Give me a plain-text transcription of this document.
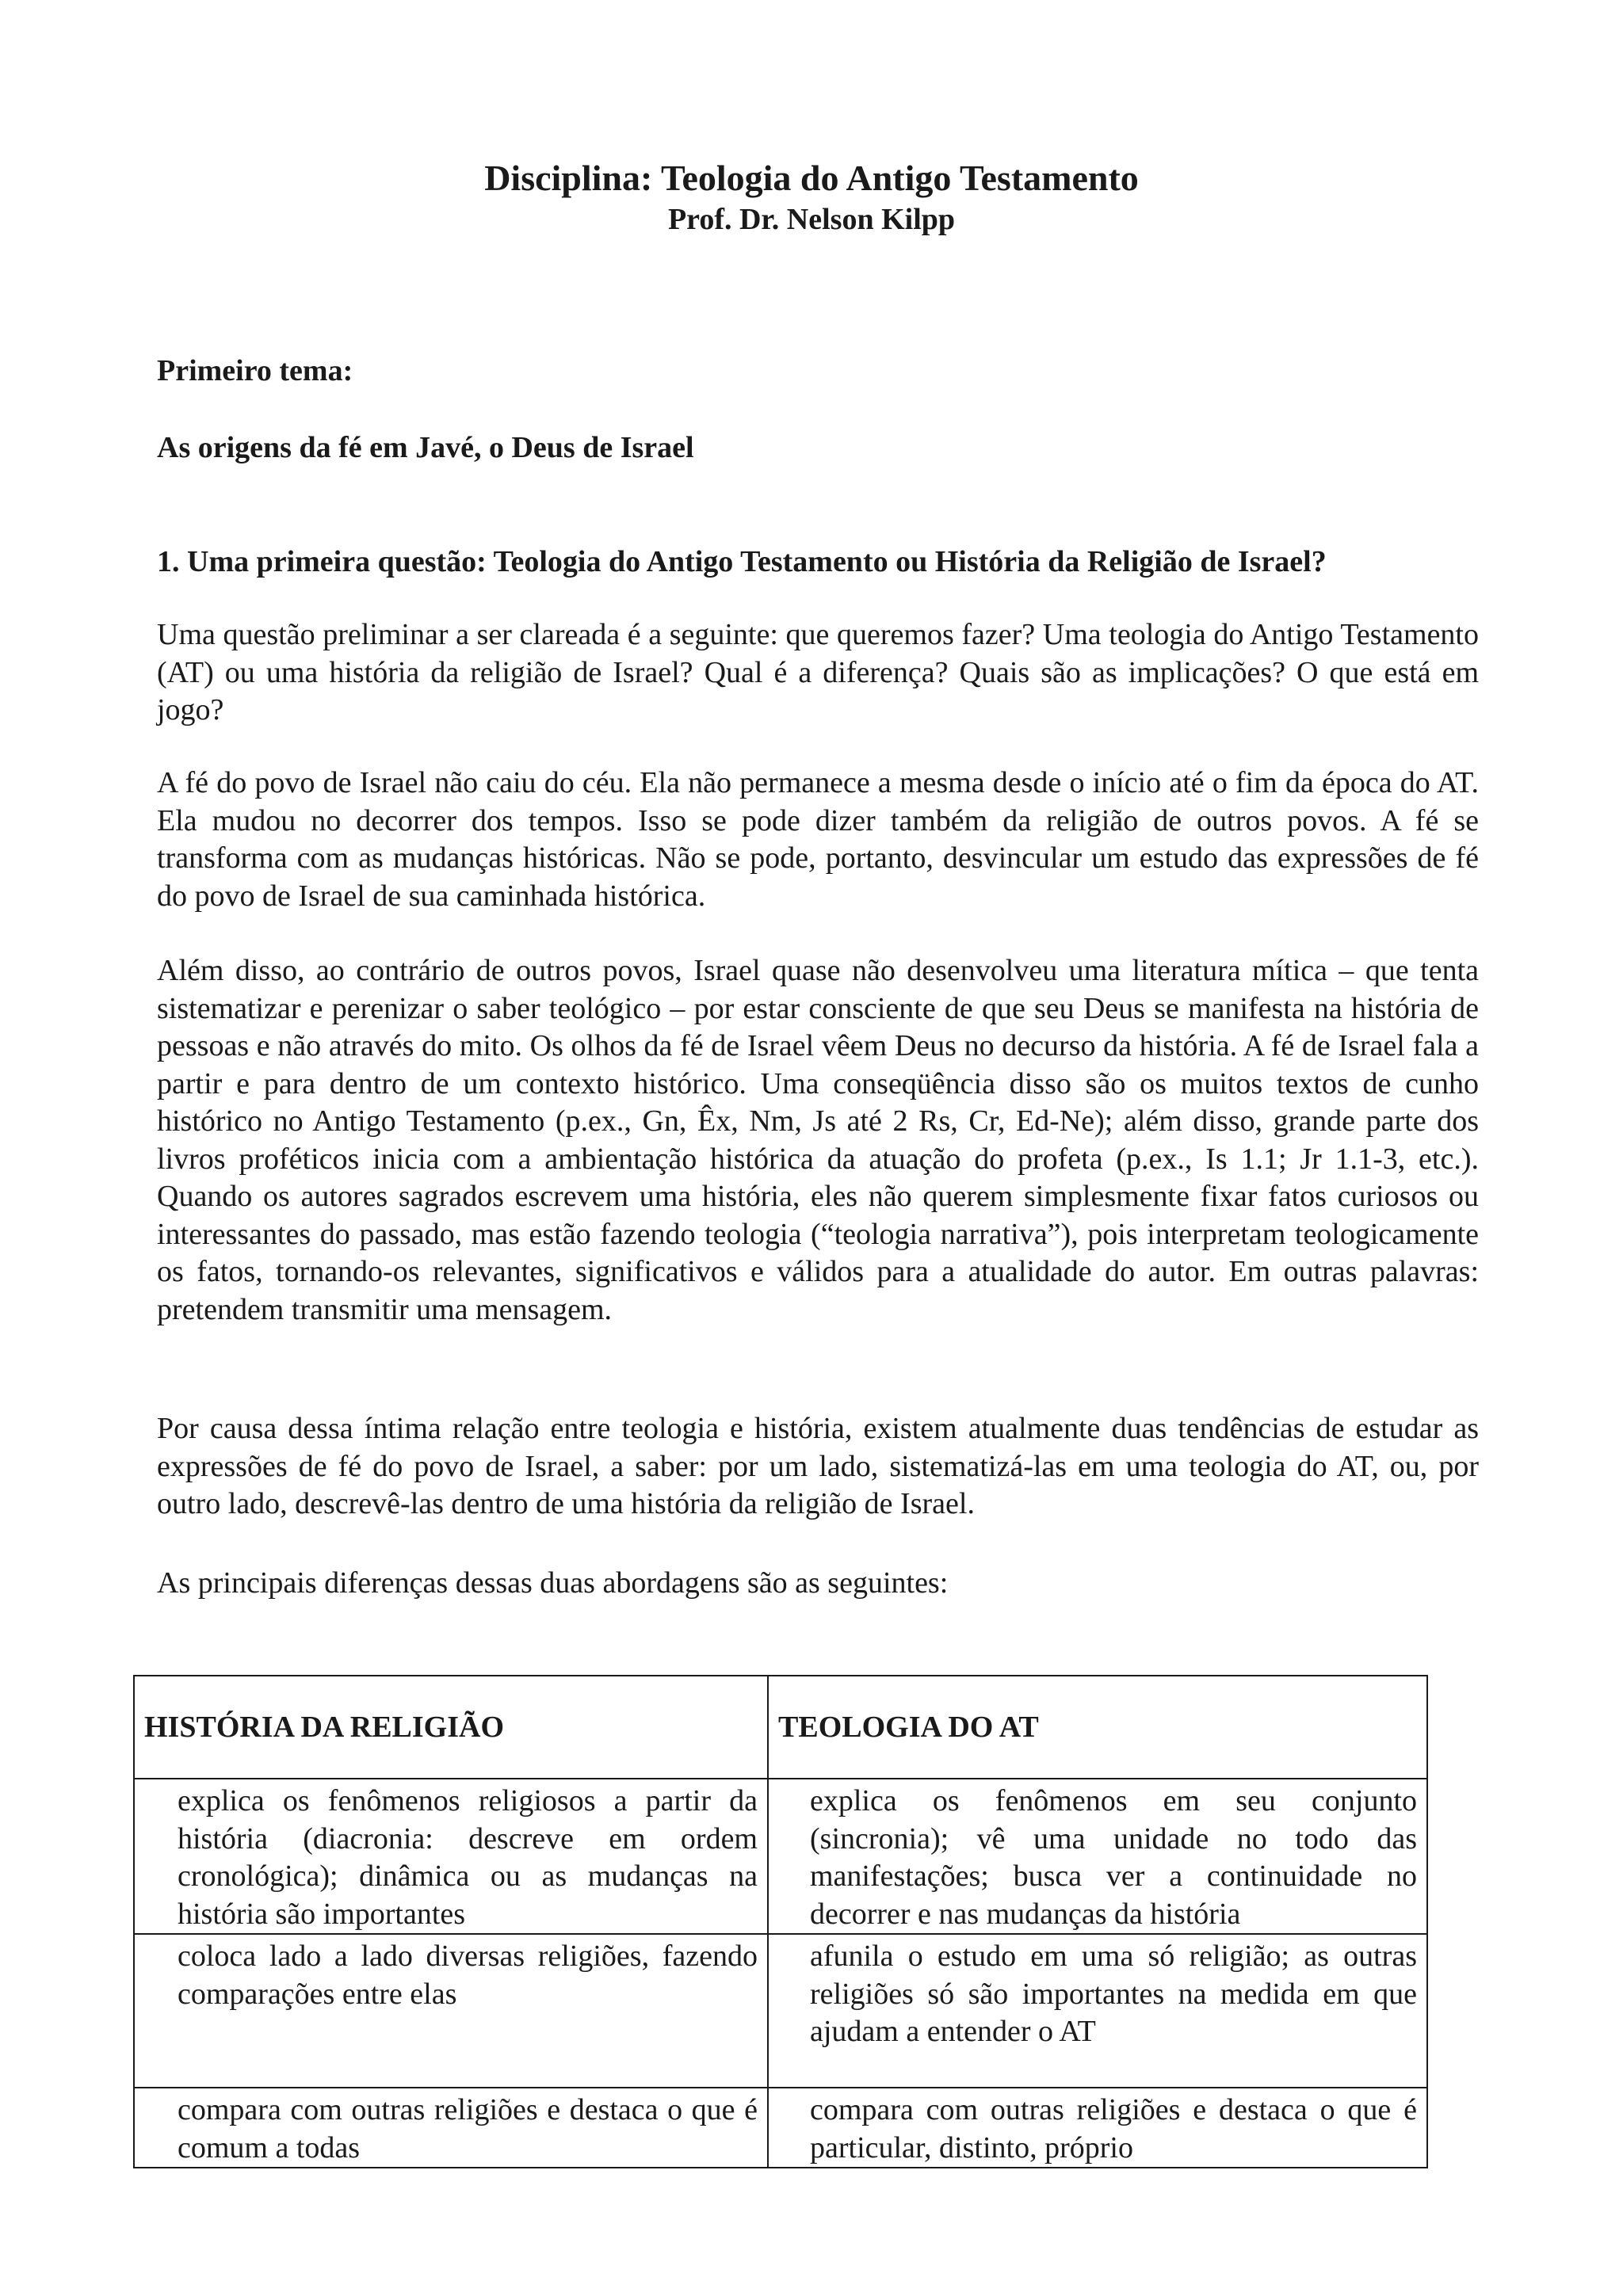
Disciplina: Teologia do Antigo Testamento
Prof. Dr. Nelson Kilpp
Primeiro tema:
As origens da fé em Javé, o Deus de Israel
1. Uma primeira questão: Teologia do Antigo Testamento ou História da Religião de Israel?
Uma questão preliminar a ser clareada é a seguinte: que queremos fazer? Uma teologia do Antigo Testamento (AT) ou uma história da religião de Israel? Qual é a diferença? Quais são as implicações? O que está em jogo?
A fé do povo de Israel não caiu do céu. Ela não permanece a mesma desde o início até o fim da época do AT. Ela mudou no decorrer dos tempos. Isso se pode dizer também da religião de outros povos. A fé se transforma com as mudanças históricas. Não se pode, portanto, desvincular um estudo das expressões de fé do povo de Israel de sua caminhada histórica.
Além disso, ao contrário de outros povos, Israel quase não desenvolveu uma literatura mítica – que tenta sistematizar e perenizar o saber teológico – por estar consciente de que seu Deus se manifesta na história de pessoas e não através do mito. Os olhos da fé de Israel vêem Deus no decurso da história. A fé de Israel fala a partir e para dentro de um contexto histórico. Uma conseqüência disso são os muitos textos de cunho histórico no Antigo Testamento (p.ex., Gn, Êx, Nm, Js até 2 Rs, Cr, Ed-Ne); além disso, grande parte dos livros proféticos inicia com a ambientação histórica da atuação do profeta (p.ex., Is 1.1; Jr 1.1-3, etc.). Quando os autores sagrados escrevem uma história, eles não querem simplesmente fixar fatos curiosos ou interessantes do passado, mas estão fazendo teologia (“teologia narrativa”), pois interpretam teologicamente os fatos, tornando-os relevantes, significativos e válidos para a atualidade do autor. Em outras palavras: pretendem transmitir uma mensagem.
Por causa dessa íntima relação entre teologia e história, existem atualmente duas tendências de estudar as expressões de fé do povo de Israel, a saber: por um lado, sistematizá-las em uma teologia do AT, ou, por outro lado, descrevê-las dentro de uma história da religião de Israel.
As principais diferenças dessas duas abordagens são as seguintes:
HISTÓRIA DA RELIGIÃO	TEOLOGIA DO AT
explica os fenômenos religiosos a partir da história (diacronia: descreve em ordem cronológica); dinâmica ou as mudanças na história são importantes	explica os fenômenos em seu conjunto (sincronia); vê uma unidade no todo das manifestações; busca ver a continuidade no decorrer e nas mudanças da história
coloca lado a lado diversas religiões, fazendo comparações entre elas	afunila o estudo em uma só religião; as outras religiões só são importantes na medida em que ajudam a entender o AT
compara com outras religiões e destaca o que é comum a todas	compara com outras religiões e destaca o que é particular, distinto, próprio
